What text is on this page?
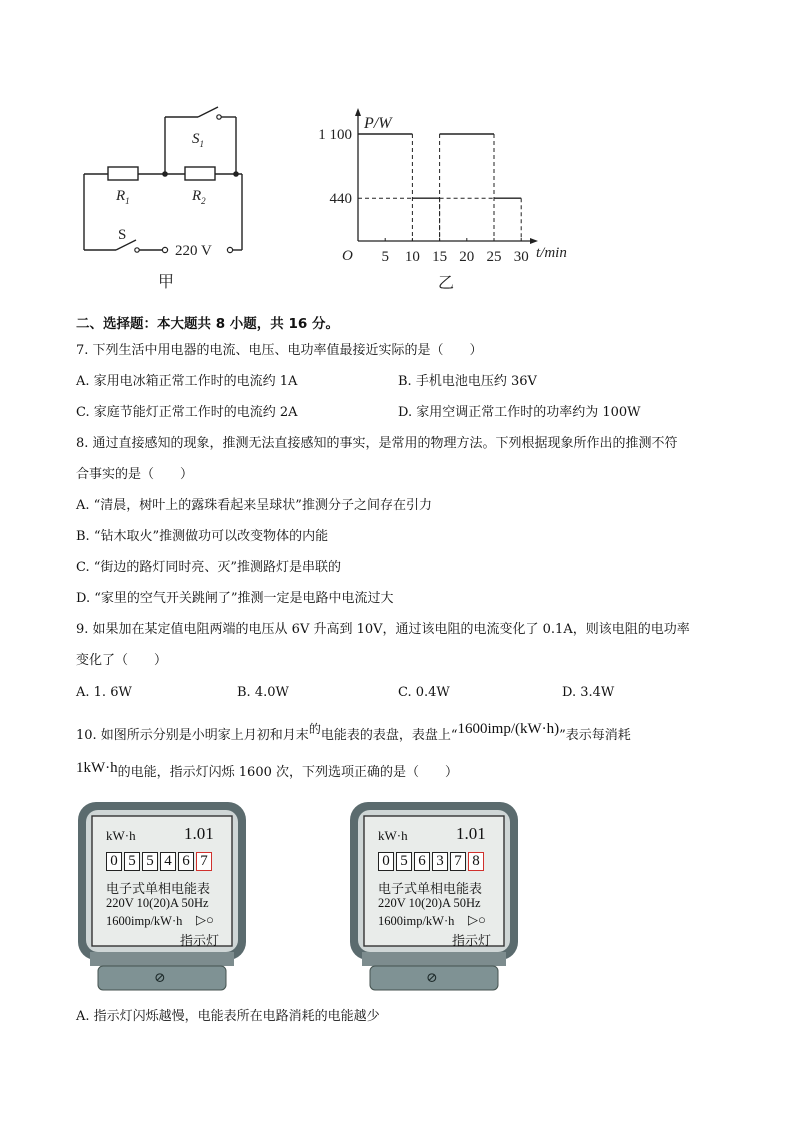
$S_1$
$R_1$	$R_2$
S
220 V
甲
5 10 15 20 25 30
440
1 100
P/W
t/min
O
乙
二、选择题：本大题共 8 小题，共 16 分。
7. 下列生活中用电器的电流、电压、电功率值最接近实际的是（　　）
A. 家用电冰箱正常工作时的电流约 1A	B. 手机电池电压约 36V
C. 家庭节能灯正常工作时的电流约 2A	D. 家用空调正常工作时的功率约为 100W
8. 通过直接感知的现象，推测无法直接感知的事实，是常用的物理方法。下列根据现象所作出的推测不符
合事实的是（　　）
A. “清晨，树叶上的露珠看起来呈球状”推测分子之间存在引力
B. “钻木取火”推测做功可以改变物体的内能
C. “街边的路灯同时亮、灭”推测路灯是串联的
D. “家里的空气开关跳闸了”推测一定是电路中电流过大
9. 如果加在某定值电阻两端的电压从 6V 升高到 10V，通过该电阻的电流变化了 0.1A，则该电阻的电功率
变化了（　　）
A. 1. 6W	B. 4.0W	C. 0.4W	D. 3.4W
10. 如图所示分别是小明家上月初和月末的电能表的表盘，表盘上“1600imp/(kW·h)”表示每消耗
1kW·h的电能，指示灯闪烁 1600 次，下列选项正确的是（　　）
kW·h	1.01
0 5 5 4 6 7
电子式单相电能表
220V 10(20)A 50Hz
1600imp/kW·h ▷○
指示灯
⊘
kW·h	1.01
0 5 6 3 7 8
电子式单相电能表
220V 10(20)A 50Hz
1600imp/kW·h ▷○
指示灯
⊘
A. 指示灯闪烁越慢，电能表所在电路消耗的电能越少
